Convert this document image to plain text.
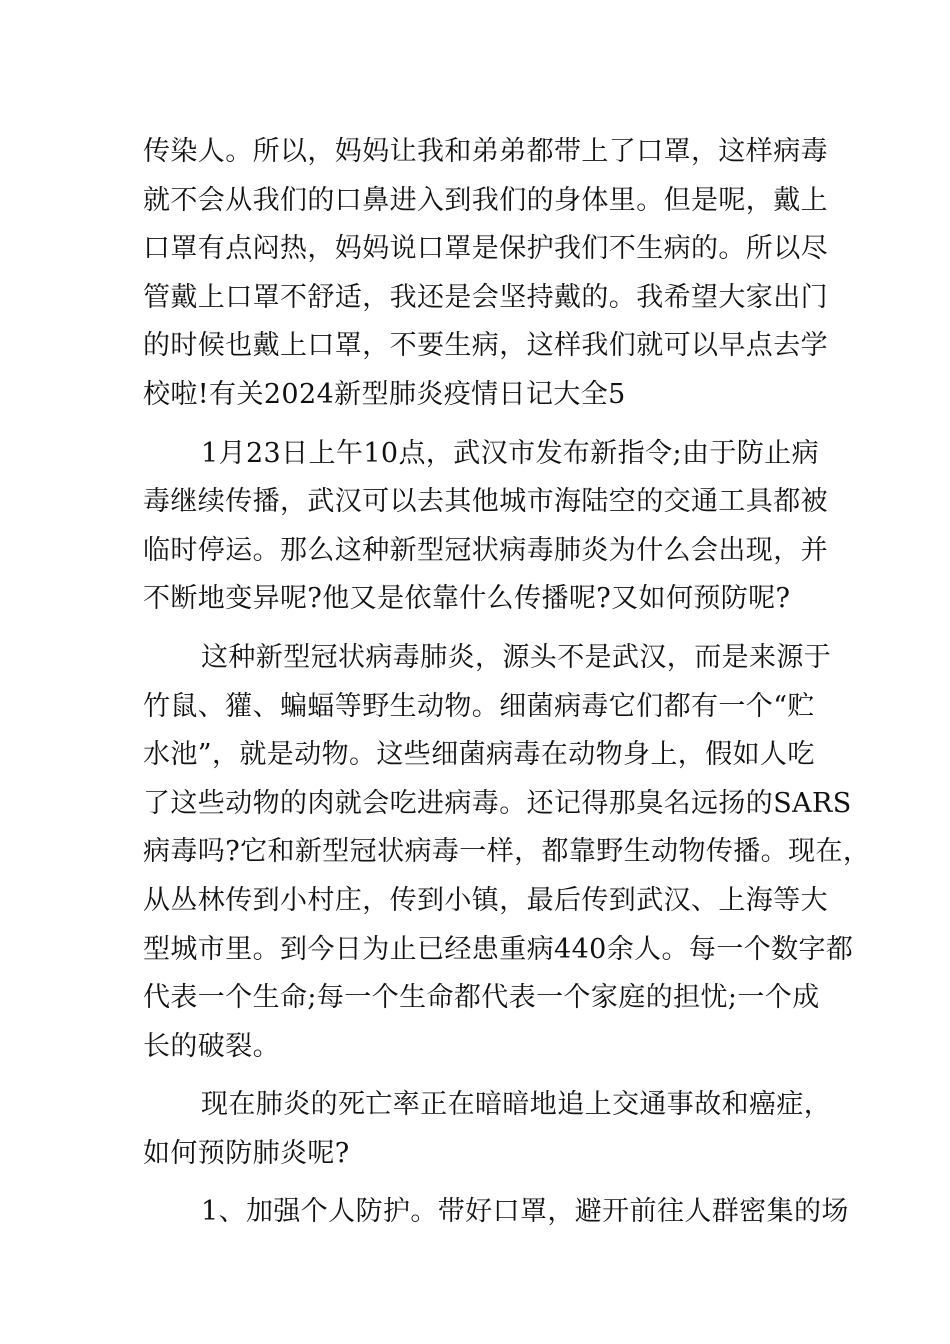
传染人。所以，妈妈让我和弟弟都带上了口罩，这样病毒
就不会从我们的口鼻进入到我们的身体里。但是呢，戴上
口罩有点闷热，妈妈说口罩是保护我们不生病的。所以尽
管戴上口罩不舒适，我还是会坚持戴的。我希望大家出门
的时候也戴上口罩，不要生病，这样我们就可以早点去学
校啦!有关2024新型肺炎疫情日记大全5
1月23日上午10点，武汉市发布新指令;由于防止病
毒继续传播，武汉可以去其他城市海陆空的交通工具都被
临时停运。那么这种新型冠状病毒肺炎为什么会出现，并
不断地变异呢?他又是依靠什么传播呢?又如何预防呢?
这种新型冠状病毒肺炎，源头不是武汉，而是来源于
竹鼠、獾、蝙蝠等野生动物。细菌病毒它们都有一个“贮
水池”，就是动物。这些细菌病毒在动物身上，假如人吃
了这些动物的肉就会吃进病毒。还记得那臭名远扬的SARS
病毒吗?它和新型冠状病毒一样，都靠野生动物传播。现在，
从丛林传到小村庄，传到小镇，最后传到武汉、上海等大
型城市里。到今日为止已经患重病440余人。每一个数字都
代表一个生命;每一个生命都代表一个家庭的担忧;一个成
长的破裂。
现在肺炎的死亡率正在暗暗地追上交通事故和癌症，
如何预防肺炎呢?
1、加强个人防护。带好口罩，避开前往人群密集的场
